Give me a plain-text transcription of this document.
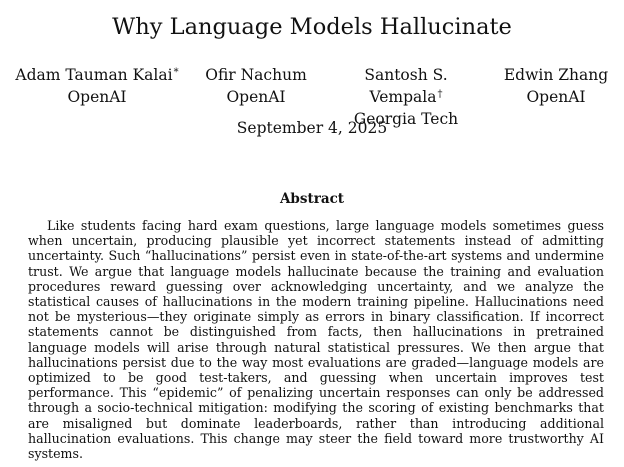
Why Language Models Hallucinate
Adam Tauman Kalai*
OpenAI
Ofir Nachum
OpenAI
Santosh S. Vempala†
Georgia Tech
Edwin Zhang
OpenAI
September 4, 2025
Abstract
Like students facing hard exam questions, large language models sometimes guess when uncertain, producing plausible yet incorrect statements instead of admitting uncertainty. Such “hallucinations” persist even in state-of-the-art systems and undermine trust. We argue that language models hallucinate because the training and evaluation procedures reward guessing over acknowledging uncertainty, and we analyze the statistical causes of hallucinations in the modern training pipeline. Hallucinations need not be mysterious—they originate simply as errors in binary classification. If incorrect statements cannot be distinguished from facts, then hallucinations in pretrained language models will arise through natural statistical pressures. We then argue that hallucinations persist due to the way most evaluations are graded—language models are optimized to be good test-takers, and guessing when uncertain improves test performance. This “epidemic” of penalizing uncertain responses can only be addressed through a socio-technical mitigation: modifying the scoring of existing benchmarks that are misaligned but dominate leaderboards, rather than introducing additional hallucination evaluations. This change may steer the field toward more trustworthy AI systems.
